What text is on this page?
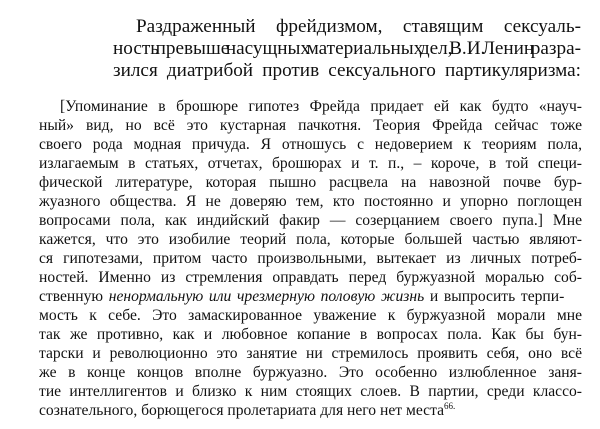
Раздраженный фрейдизмом, ставящим сексуаль-
ность превыше насущных материальных дел, В.И. Ленин разра-
зился диатрибой против сексуального партикуляризма:
[Упоминание в брошюре гипотез Фрейда придает ей как будто «науч-
ный» вид, но всё это кустарная пачкотня. Теория Фрейда сейчас тоже
своего рода модная причуда. Я отношусь с недоверием к теориям пола,
излагаемым в статьях, отчетах, брошюрах и т. п., – короче, в той специ-
фической литературе, которая пышно расцвела на навозной почве бур-
жуазного общества. Я не доверяю тем, кто постоянно и упорно поглощен
вопросами пола, как индийский факир — созерцанием своего пупа.] Мне
кажется, что это изобилие теорий пола, которые большей частью являют-
ся гипотезами, притом часто произвольными, вытекает из личных потреб-
ностей. Именно из стремления оправдать перед буржуазной моралью соб-
ственную ненормальную или чрезмерную половую жизнь и выпросить терпи-
мость к себе. Это замаскированное уважение к буржуазной морали мне
так же противно, как и любовное копание в вопросах пола. Как бы бун-
тарски и революционно это занятие ни стремилось проявить себя, оно всё
же в конце концов вполне буржуазно. Это особенно излюбленное заня-
тие интеллигентов и близко к ним стоящих слоев. В партии, среди классо-
сознательного, борющегося пролетариата для него нет места$^{66.}$
